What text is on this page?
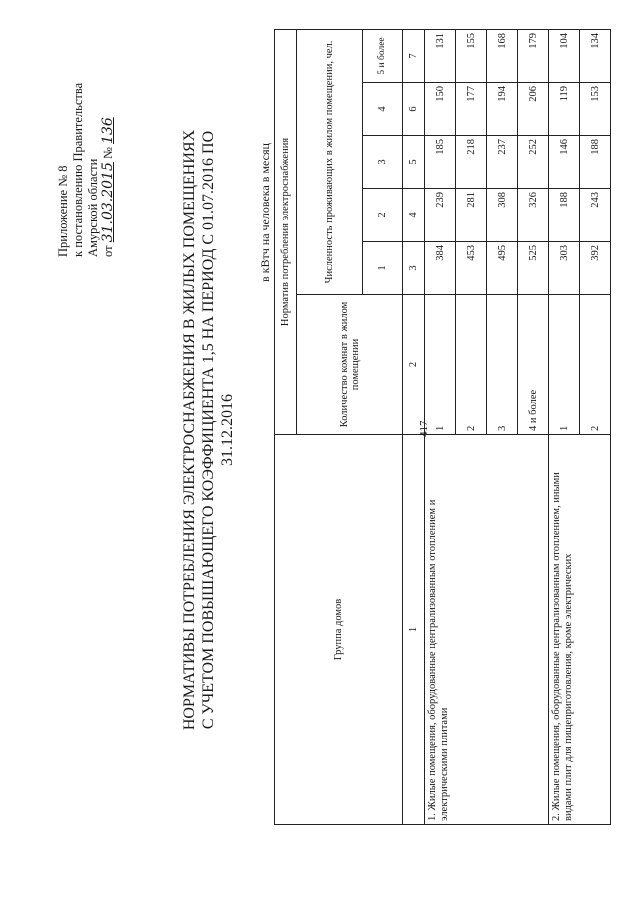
417
Приложение № 8 к постановлению Правительства Амурской области от 31.03.2015 № 136	НОРМАТИВЫ ПОТРЕБЛЕНИЯ ЭЛЕКТРОСНАБЖЕНИЯ В ЖИЛЫХ ПОМЕЩЕНИЯХ С УЧЕТОМ ПОВЫШАЮЩЕГО КОЭФФИЦИЕНТА 1,5 НА ПЕРИОД С 01.07.2016 ПО 31.12.2016
в кВтч на человека в месяц
Группа домов	Норматив потребления электроснабжения					
	Количество комнат в жилом помещении	Численность проживающих в жилом помещении, чел.				
		1	2	3	4	5 и более
1	2	3	4	5	6	7
1. Жилые помещения, оборудованные централизованным отоплением и электрическими плитами	1	384	239	185	150	131
	2	453	281	218	177	155
	3	495	308	237	194	168
	4 и более	525	326	252	206	179
2. Жилые помещения, оборудованные централизованным отоплением, иными видами плит для пищеприготовления, кроме электрических	1	303	188	146	119	104
	2	392	243	188	153	134
